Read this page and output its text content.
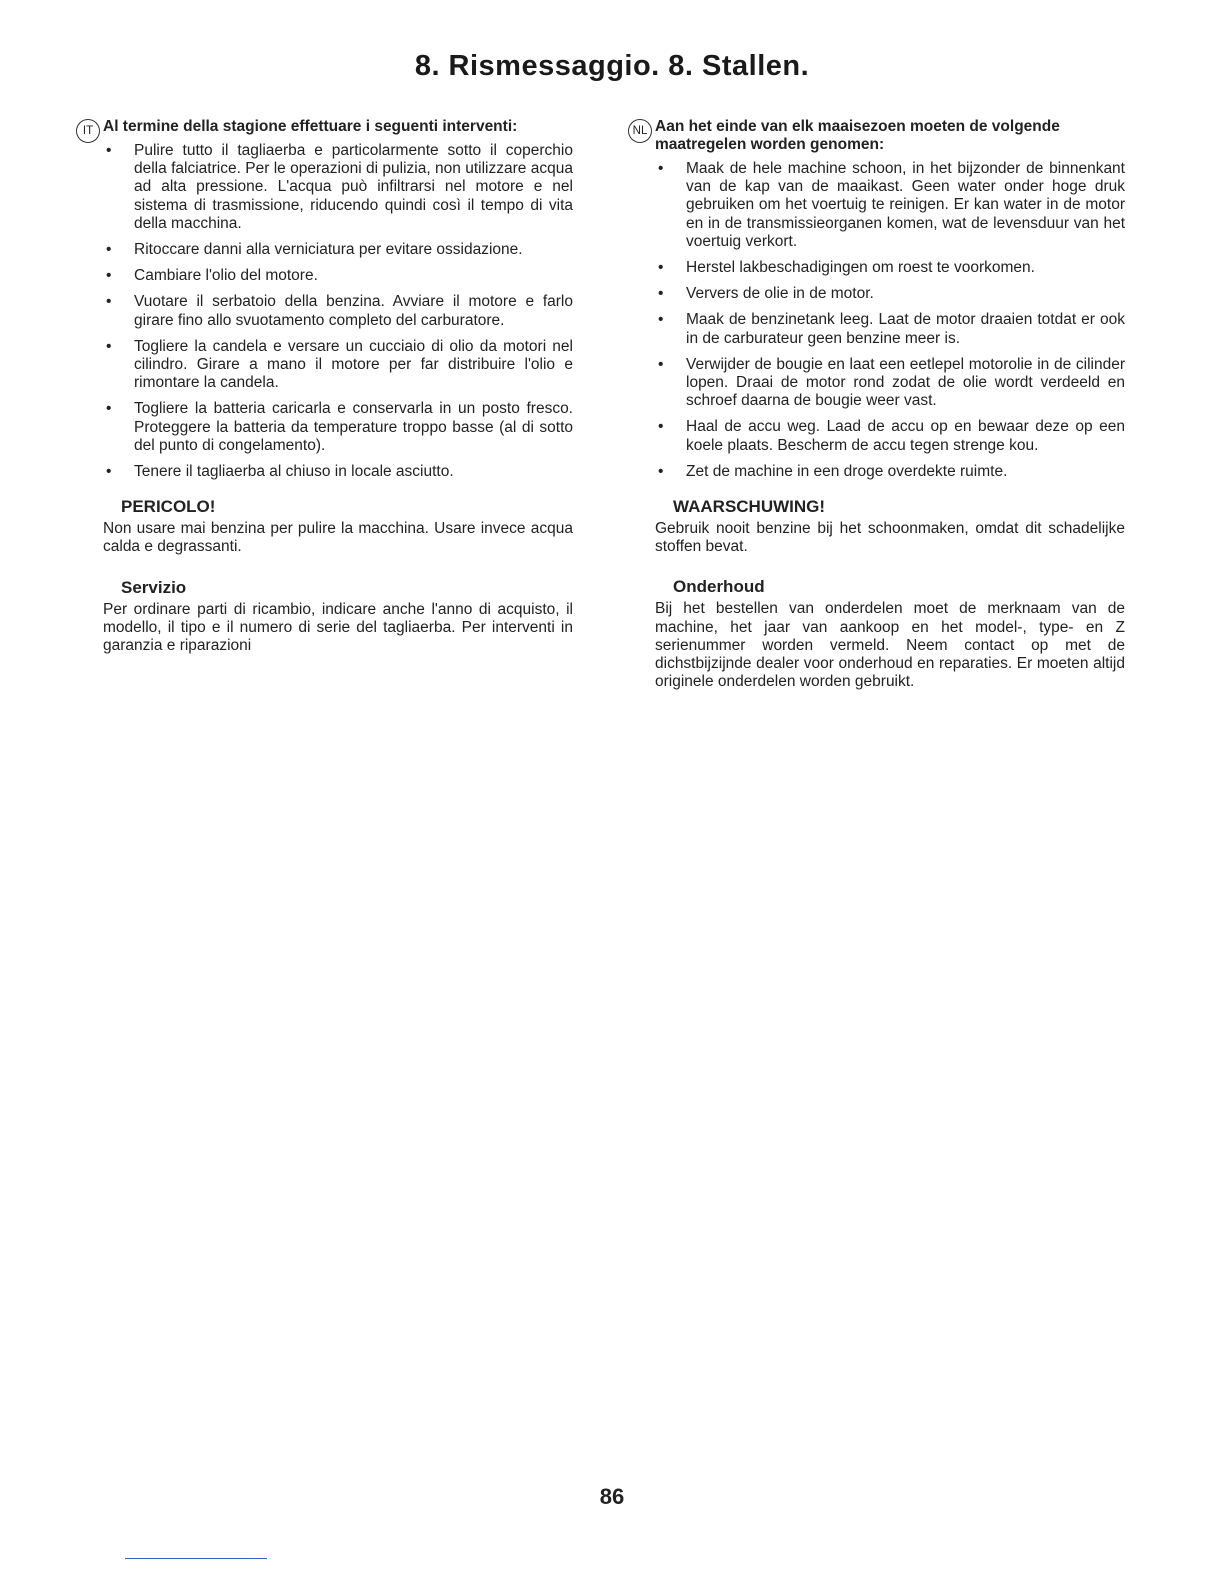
8. Rismessaggio. 8. Stallen.
IT Al termine della stagione effettuare i seguenti interventi:
• Pulire tutto il tagliaerba e particolarmente sotto il coperchio della falciatrice. Per le operazioni di pulizia, non utilizzare acqua ad alta pressione. L'acqua può infiltrarsi nel motore e nel sistema di trasmissione, riducendo quindi così il tempo di vita della macchina.
• Ritoccare danni alla verniciatura per evitare ossidazione.
• Cambiare l'olio del motore.
• Vuotare il serbatoio della benzina. Avviare il motore e farlo girare fino allo svuotamento completo del carburatore.
• Togliere la candela e versare un cucciaio di olio da motori nel cilindro. Girare a mano il motore per far distribuire l'olio e rimontare la candela.
• Togliere la batteria caricarla e conservarla in un posto fresco. Proteggere la batteria da temperature troppo basse (al di sotto del punto di congelamento).
• Tenere il tagliaerba al chiuso in locale asciutto.
PERICOLO!

Non usare mai benzina per pulire la macchina. Usare invece acqua calda e degrassanti.

Servizio

Per ordinare parti di ricambio, indicare anche l'anno di acquisto, il modello, il tipo e il numero di serie del tagliaerba. Per interventi in garanzia e riparazioni

NL Aan het einde van elk maaisezoen moeten de volgende maatregelen worden genomen:
• Maak de hele machine schoon, in het bijzonder de binnenkant van de kap van de maaikast. Geen water onder hoge druk gebruiken om het voertuig te reinigen. Er kan water in de motor en in de transmissieorganen komen, wat de levensduur van het voertuig verkort.
• Herstel lakbeschadigingen om roest te voorkomen.
• Ververs de olie in de motor.
• Maak de benzinetank leeg. Laat de motor draaien totdat er ook in de carburateur geen benzine meer is.
• Verwijder de bougie en laat een eetlepel motorolie in de cilinder lopen. Draai de motor rond zodat de olie wordt verdeeld en schroef daarna de bougie weer vast.
• Haal de accu weg. Laad de accu op en bewaar deze op een koele plaats. Bescherm de accu tegen strenge kou.
• Zet de machine in een droge overdekte ruimte.
WAARSCHUWING!

Gebruik nooit benzine bij het schoonmaken, omdat dit schadelijke stoffen bevat.

Onderhoud

Bij het bestellen van onderdelen moet de merknaam van de machine, het jaar van aankoop en het model-, type- en Z serienummer worden vermeld. Neem contact op met de dichstbijzijnde dealer voor onderhoud en reparaties. Er moeten altijd originele onderdelen worden gebruikt.

86
